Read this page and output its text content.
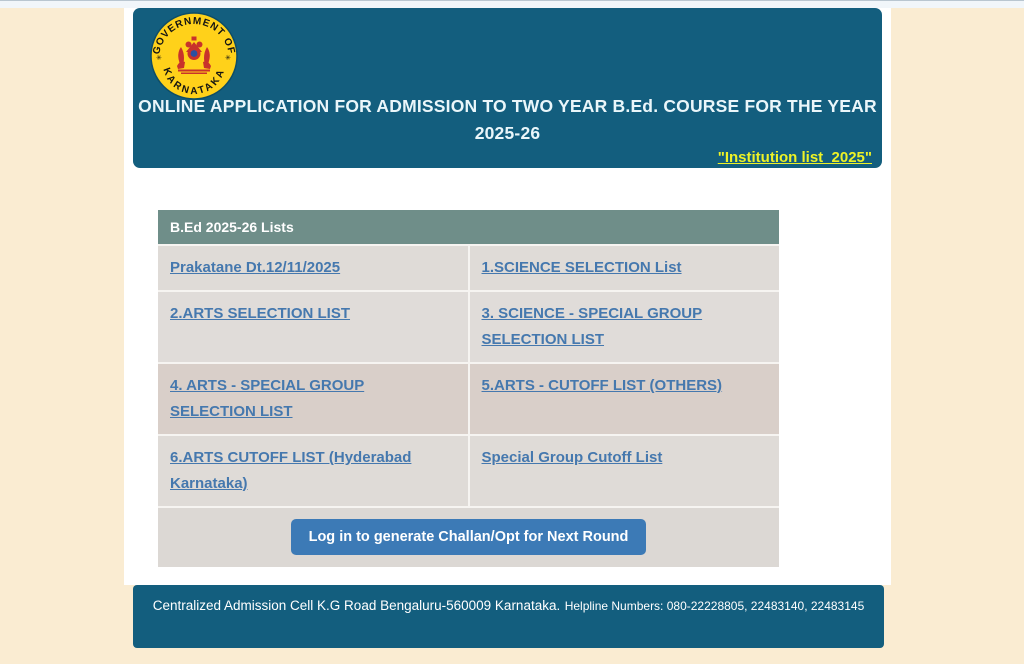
GOVERNMENT OF
KARNATAKA
✳	✳
ONLINE APPLICATION FOR ADMISSION TO TWO YEAR B.Ed. COURSE FOR THE YEAR
2025-26
"Institution list_2025"
B.Ed 2025-26 Lists	
Prakatane Dt.12/11/2025	1.SCIENCE SELECTION List
2.ARTS SELECTION LIST	3. SCIENCE - SPECIAL GROUP SELECTION LIST
4. ARTS - SPECIAL GROUP SELECTION LIST	5.ARTS - CUTOFF LIST (OTHERS)
6.ARTS CUTOFF LIST (Hyderabad Karnataka)	Special Group Cutoff List
Log in to generate Challan/Opt for Next Round	
Centralized Admission Cell K.G Road Bengaluru-560009 Karnataka. Helpline Numbers: 080-22228805, 22483140, 22483145
